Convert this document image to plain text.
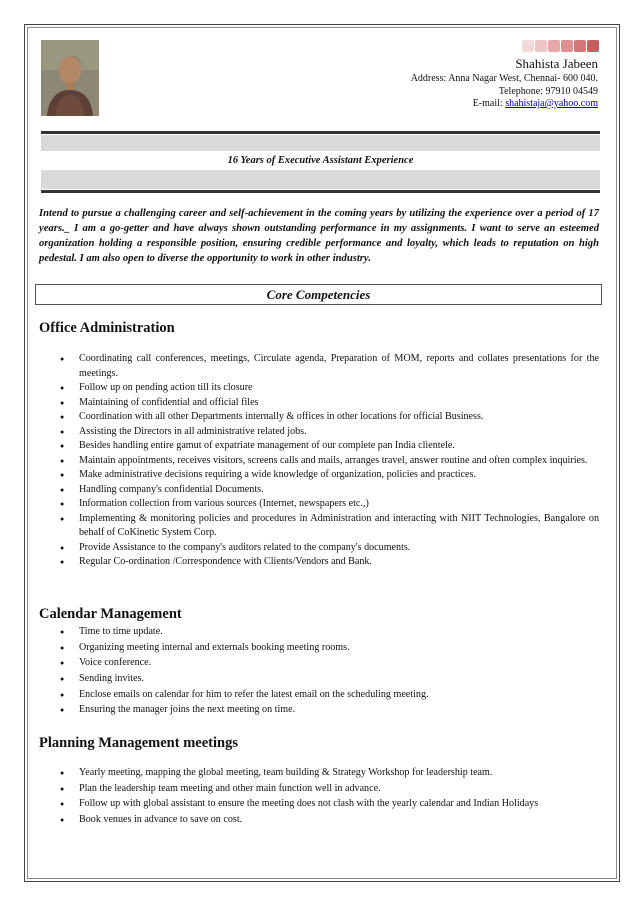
Shahista Jabeen
Address: Anna Nagar West, Chennai- 600 040.
Telephone: 97910 04549
E-mail: shahistaja@yahoo.com
16 Years of Executive Assistant Experience
Intend to pursue a challenging career and self-achievement in the coming years by utilizing the experience over a period of 17 years._ I am a go-getter and have always shown outstanding performance in my assignments. I want to serve an esteemed organization holding a responsible position, ensuring credible performance and loyalty, which leads to reputation on high pedestal. I am also open to diverse the opportunity to work in other industry.
Core Competencies
Office Administration
● Coordinating call conferences, meetings, Circulate agenda, Preparation of MOM, reports and collates presentations for the meetings.
● Follow up on pending action till its closure
● Maintaining of confidential and official files
● Coordination with all other Departments internally & offices in other locations for official Business.
● Assisting the Directors in all administrative related jobs.
● Besides handling entire gamut of expatriate management of our complete pan India clientele.
● Maintain appointments, receives visitors, screens calls and mails, arranges travel, answer routine and often complex inquiries.
● Make administrative decisions requiring a wide knowledge of organization, policies and practices.
● Handling company's confidential Documents.
● Information collection from various sources (Internet, newspapers etc.,)
● Implementing & monitoring policies and procedures in Administration and interacting with NIIT Technologies, Bangalore on behalf of CoKinetic System Corp.
● Provide Assistance to the company's auditors related to the company's documents.
● Regular Co-ordination /Correspondence with Clients/Vendors and Bank.
Calendar Management
● Time to time update.
● Organizing meeting internal and externals booking meeting rooms.
● Voice conference.
● Sending invites.
● Enclose emails on calendar for him to refer the latest email on the scheduling meeting.
● Ensuring the manager joins the next meeting on time.
Planning Management meetings
● Yearly meeting, mapping the global meeting, team building & Strategy Workshop for leadership team.
● Plan the leadership team meeting and other main function well in advance.
● Follow up with global assistant to ensure the meeting does not clash with the yearly calendar and Indian Holidays
● Book venues in advance to save on cost.
